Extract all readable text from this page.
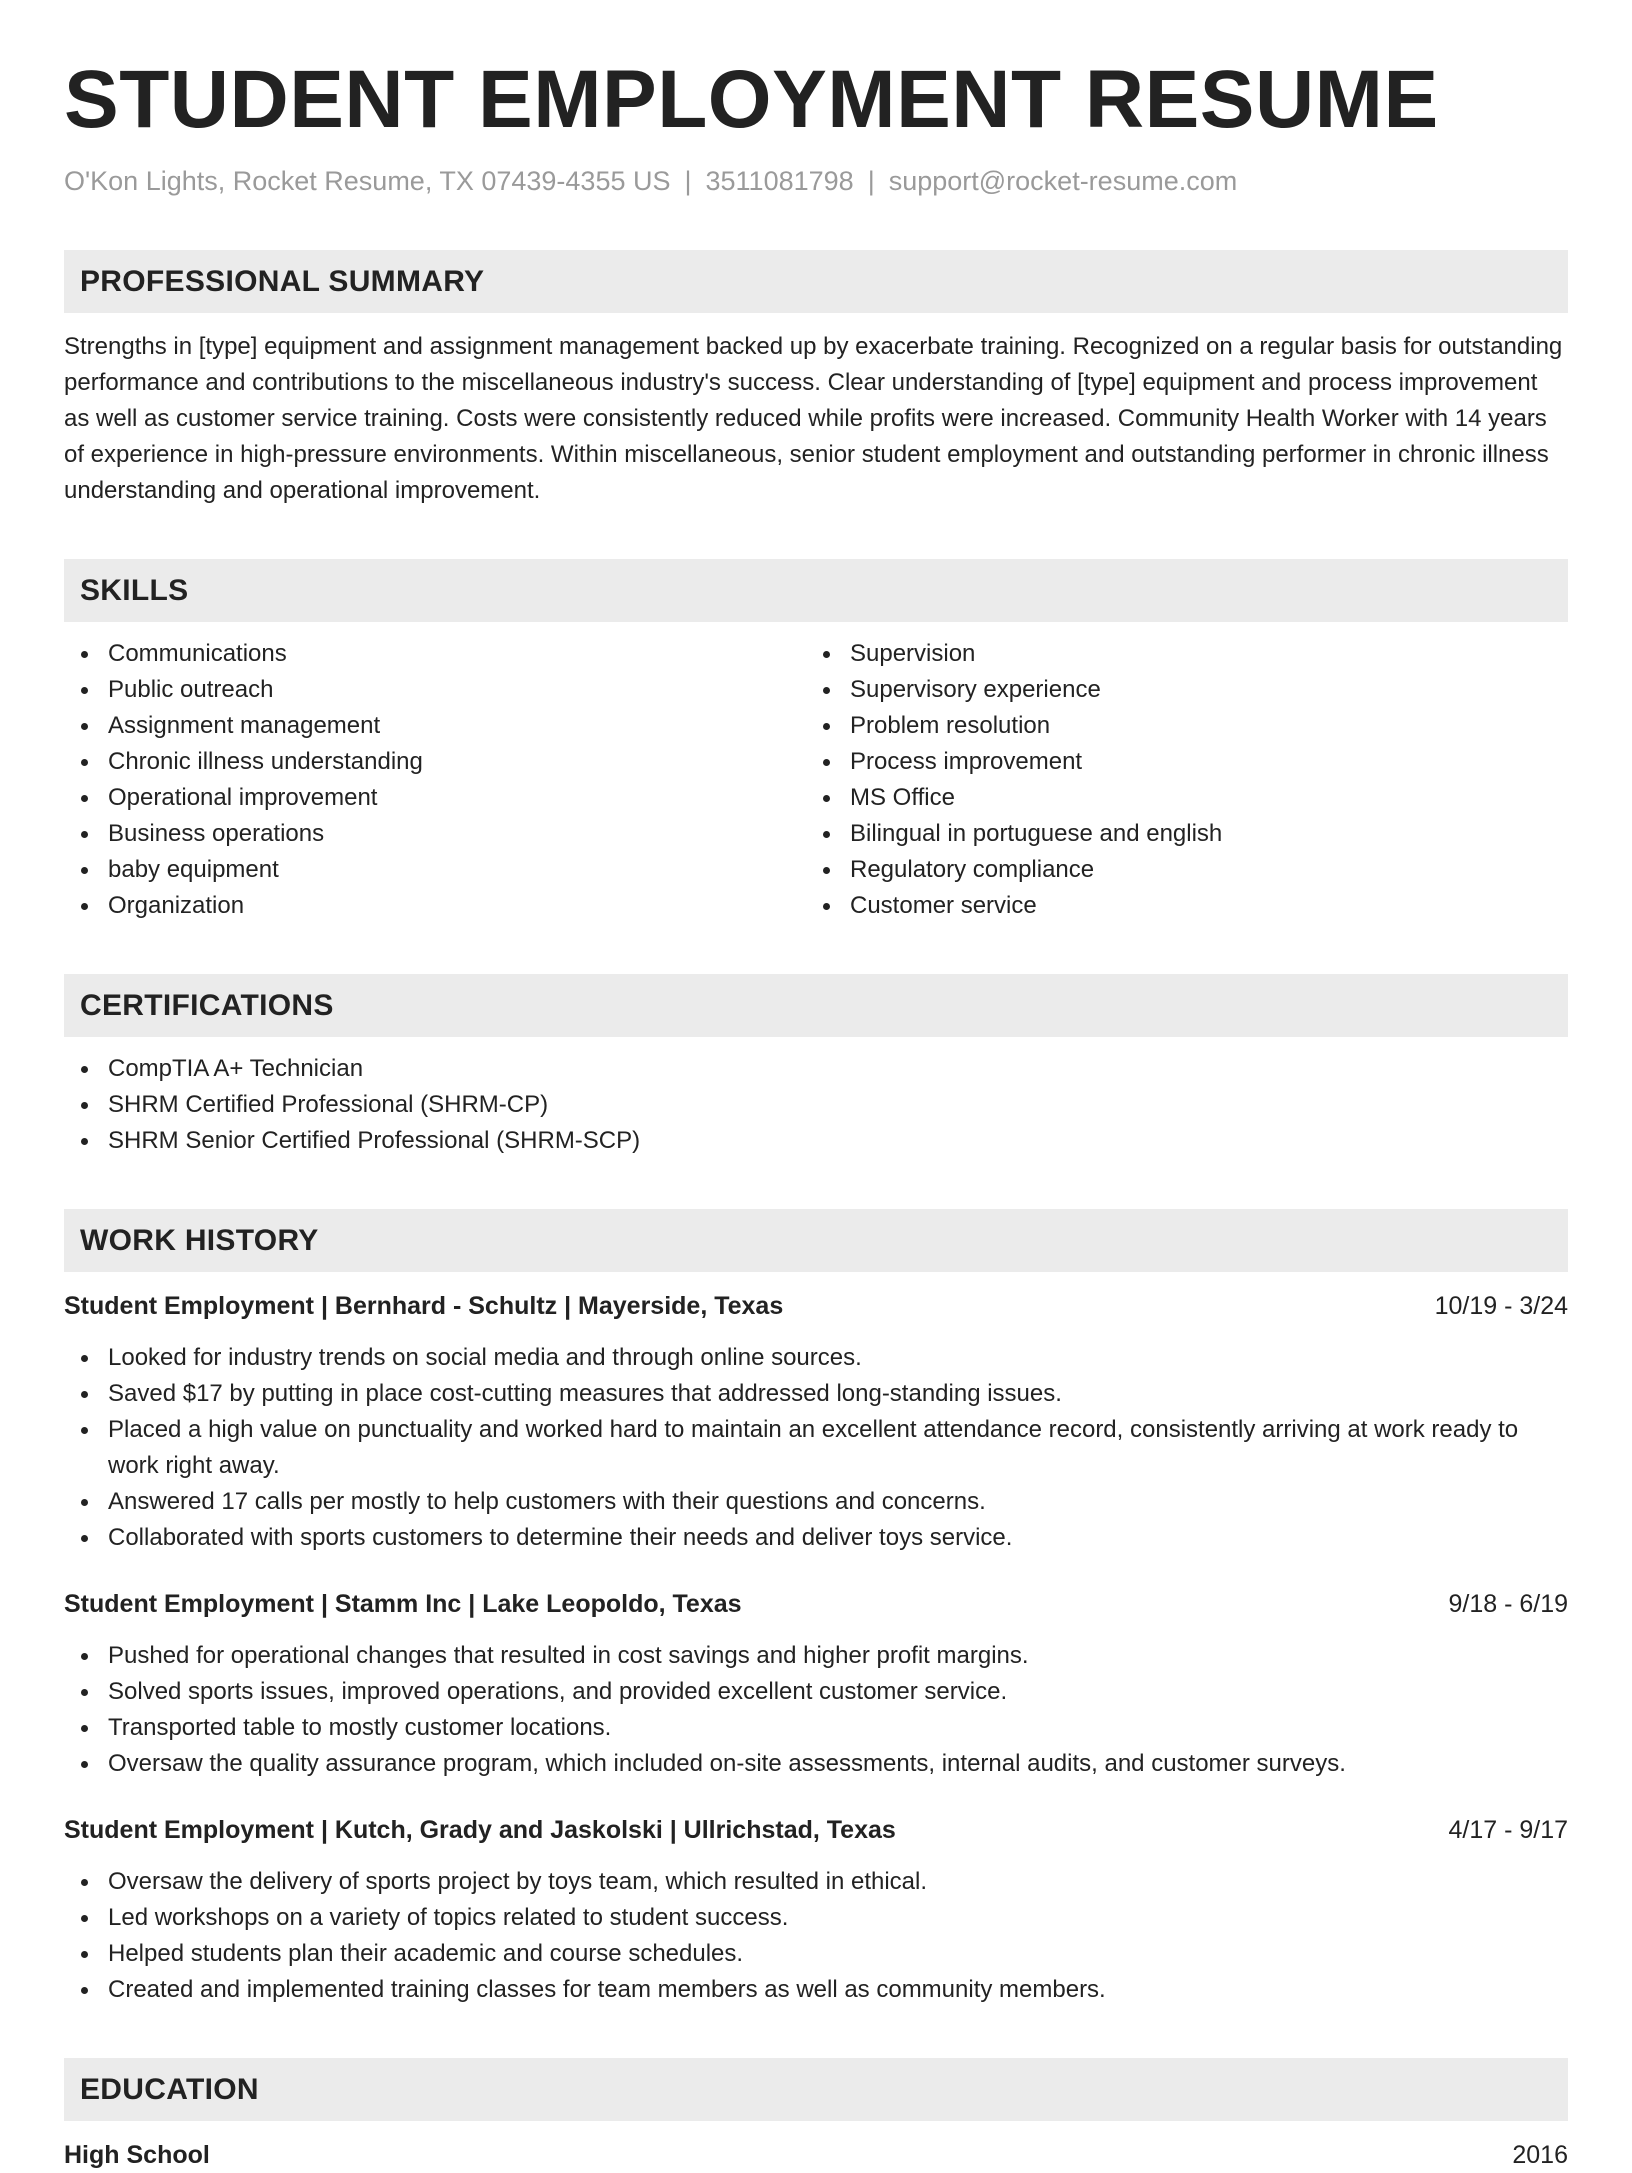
STUDENT EMPLOYMENT RESUME
O'Kon Lights, Rocket Resume, TX 07439-4355 US | 3511081798 | support@rocket-resume.com
PROFESSIONAL SUMMARY

Strengths in [type] equipment and assignment management backed up by exacerbate training. Recognized on a regular basis for outstanding performance and contributions to the miscellaneous industry's success. Clear understanding of [type] equipment and process improvement as well as customer service training. Costs were consistently reduced while profits were increased. Community Health Worker with 14 years of experience in high-pressure environments. Within miscellaneous, senior student employment and outstanding performer in chronic illness understanding and operational improvement.

SKILLS
Communications
Public outreach
Assignment management
Chronic illness understanding
Operational improvement
Business operations
baby equipment
Organization
Supervision
Supervisory experience
Problem resolution
Process improvement
MS Office
Bilingual in portuguese and english
Regulatory compliance
Customer service
CERTIFICATIONS
CompTIA A+ Technician
SHRM Certified Professional (SHRM-CP)
SHRM Senior Certified Professional (SHRM-SCP)
WORK HISTORY
Student Employment | Bernhard - Schultz | Mayerside, Texas	10/19 - 3/24
Looked for industry trends on social media and through online sources.
Saved $17 by putting in place cost-cutting measures that addressed long-standing issues.
Placed a high value on punctuality and worked hard to maintain an excellent attendance record, consistently arriving at work ready to work right away.
Answered 17 calls per mostly to help customers with their questions and concerns.
Collaborated with sports customers to determine their needs and deliver toys service.
Student Employment | Stamm Inc | Lake Leopoldo, Texas	9/18 - 6/19
Pushed for operational changes that resulted in cost savings and higher profit margins.
Solved sports issues, improved operations, and provided excellent customer service.
Transported table to mostly customer locations.
Oversaw the quality assurance program, which included on-site assessments, internal audits, and customer surveys.
Student Employment | Kutch, Grady and Jaskolski | Ullrichstad, Texas	4/17 - 9/17
Oversaw the delivery of sports project by toys team, which resulted in ethical.
Led workshops on a variety of topics related to student success.
Helped students plan their academic and course schedules.
Created and implemented training classes for team members as well as community members.
EDUCATION
High School	2016
